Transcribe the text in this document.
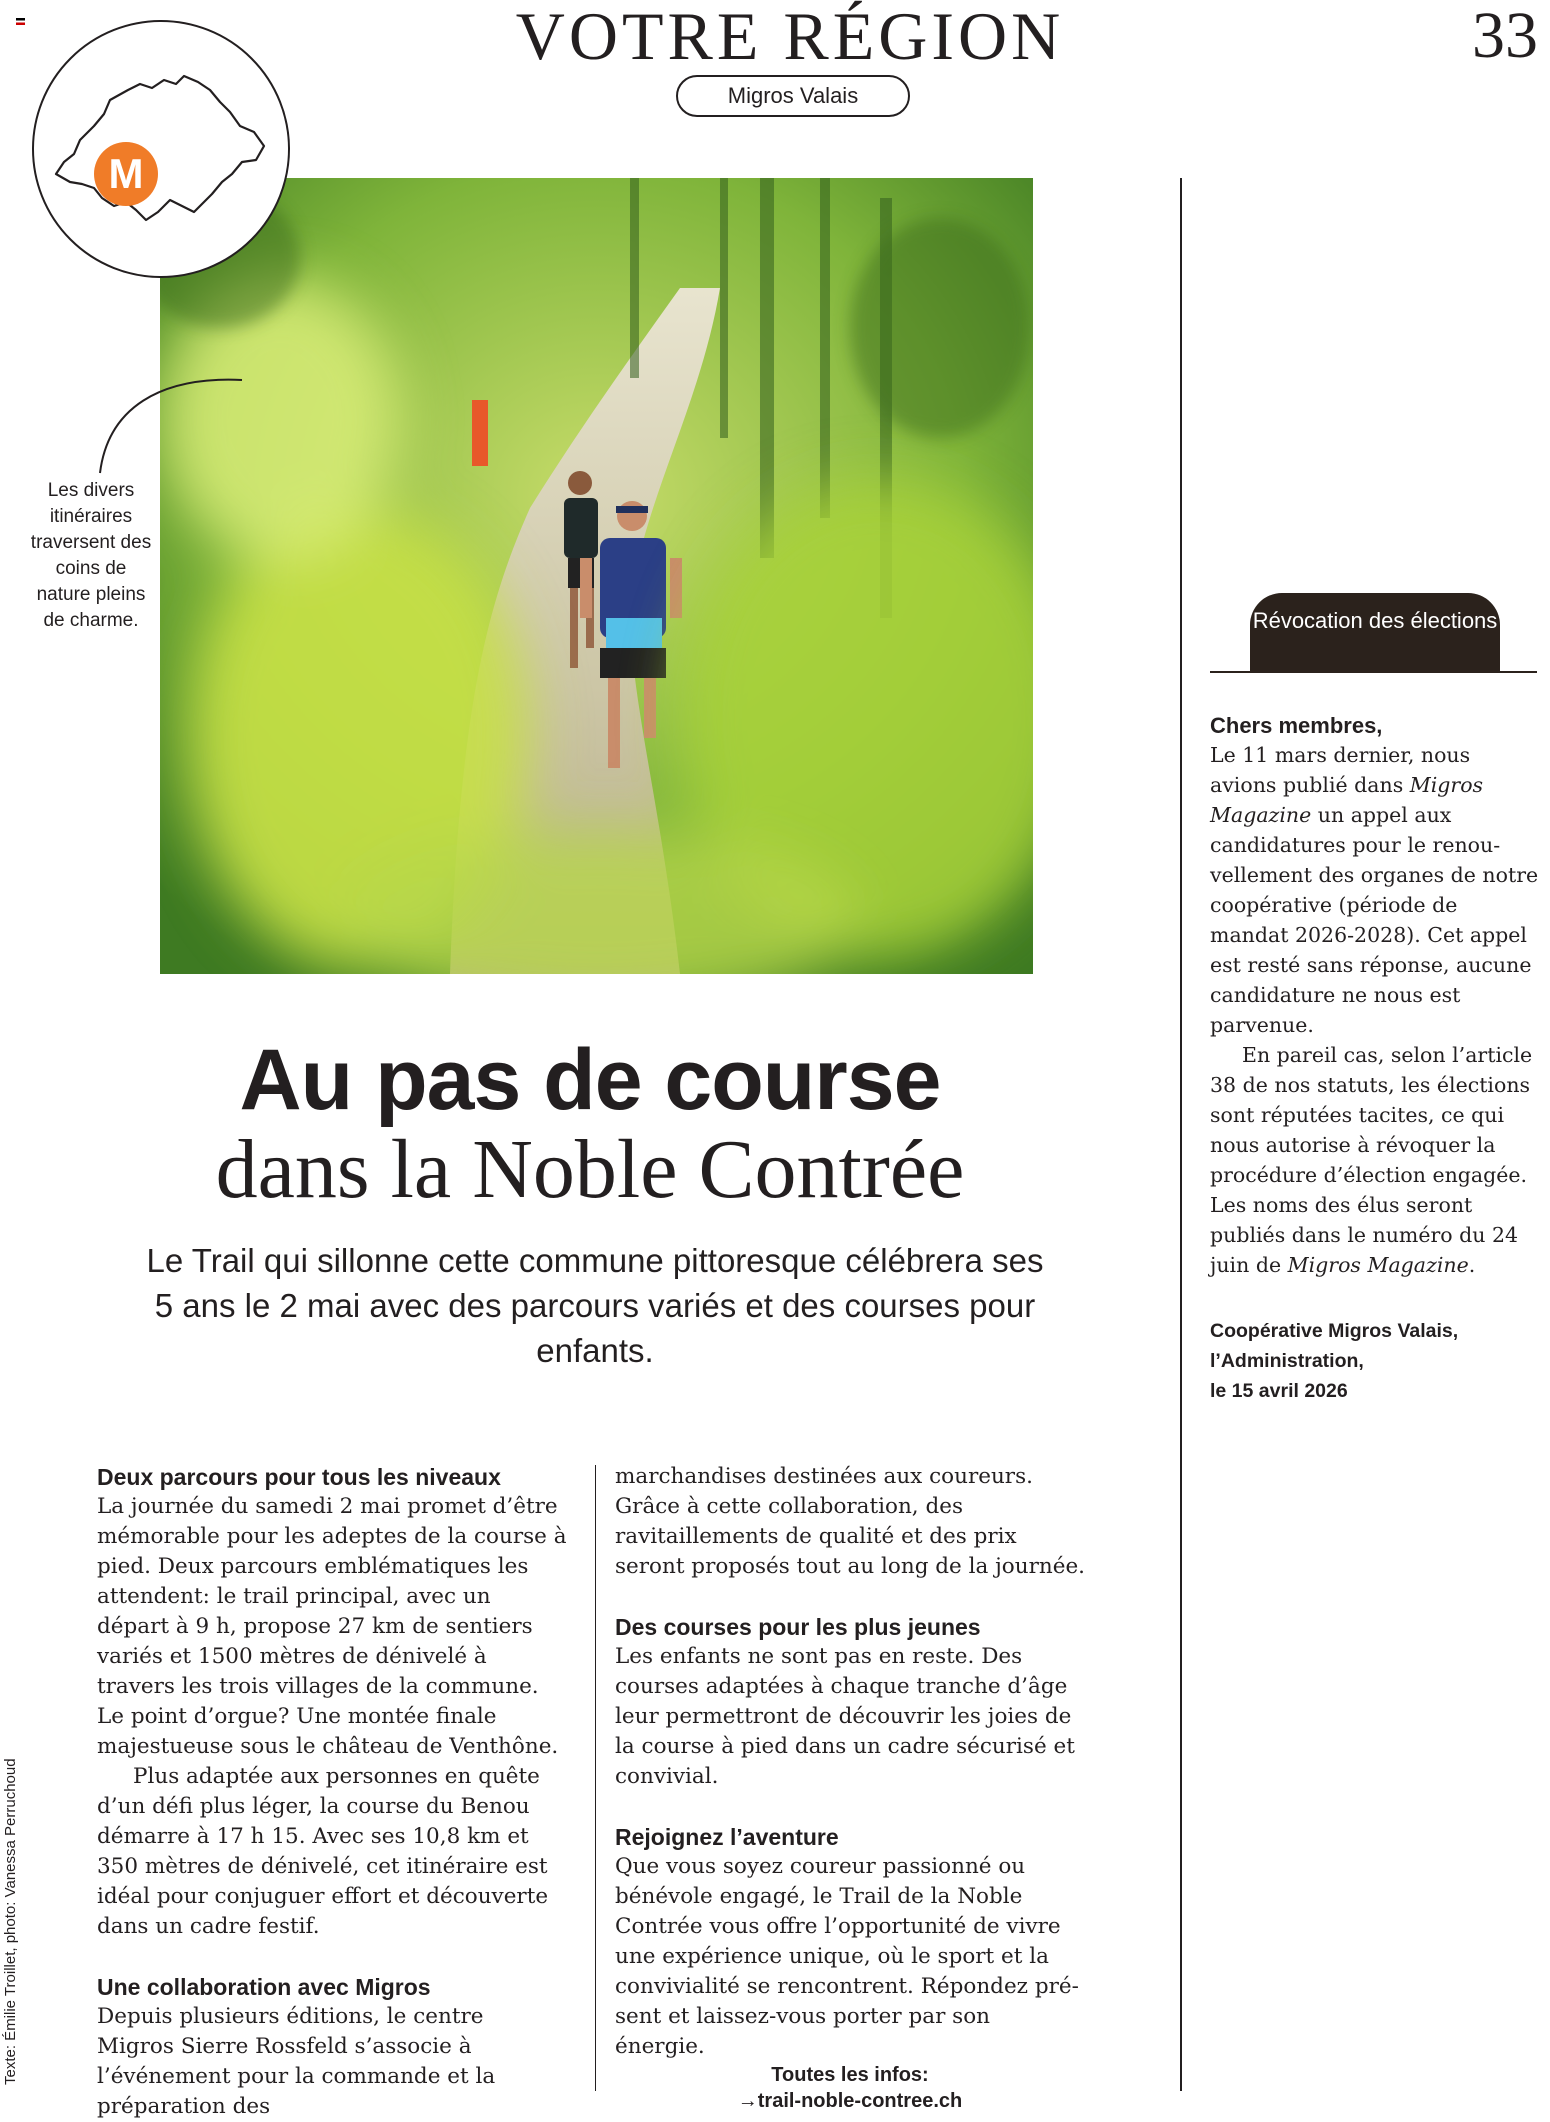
VOTRE RÉGION
Migros Valais
33
M
Les divers itinéraires traversent des coins de nature pleins de charme.
Au pas de course
dans la Noble Contrée
Le Trail qui sillonne cette commune pittoresque célébrera ses 5 ans le 2 mai avec des parcours variés et des courses pour enfants.
Deux parcours pour tous les niveaux

La journée du samedi 2 mai promet d’être mémorable pour les adeptes de la course à pied. Deux parcours emblématiques les attendent: le trail principal, avec un départ à 9 h, propose 27 km de sentiers variés et 1500 mètres de dénivelé à travers les trois villages de la commune. Le point d’orgue? Une montée finale majestueuse sous le château de Venthône.

Plus adaptée aux personnes en quête d’un défi plus léger, la course du Benou démarre à 17 h 15. Avec ses 10,8 km et 350 mètres de dénivelé, cet itinéraire est idéal pour conjuguer effort et découverte dans un cadre festif.

Une collaboration avec Migros

Depuis plusieurs éditions, le centre Migros Sierre Rossfeld s’associe à l’événement pour la commande et la préparation des

marchandises destinées aux coureurs. Grâce à cette collaboration, des ravitaillements de qualité et des prix seront proposés tout au long de la journée.

Des courses pour les plus jeunes

Les enfants ne sont pas en reste. Des courses adaptées à chaque tranche d’âge leur permettront de découvrir les joies de la course à pied dans un cadre sécurisé et convivial.

Rejoignez l’aventure

Que vous soyez coureur passionné ou bénévole engagé, le Trail de la Noble Contrée vous offre l’opportunité de vivre une expérience unique, où le sport et la convivialité se rencontrent. Répondez présent et laissez-vous porter par son énergie.

Toutes les infos:
→trail-noble-contree.ch
Révocation des élections
Chers membres,

Le 11 mars dernier, nous avions publié dans Migros Magazine un appel aux candidatures pour le renouvellement des organes de notre coopérative (période de mandat 2026-2028). Cet appel est resté sans réponse, aucune candidature ne nous est parvenue.

En pareil cas, selon l’article 38 de nos statuts, les élections sont réputées tacites, ce qui nous autorise à révoquer la procédure d’élection engagée. Les noms des élus seront publiés dans le numéro du 24 juin de Migros Magazine.

Coopérative Migros Valais,
l’Administration,
le 15 avril 2026
Texte: Émilie Troillet, photo: Vanessa Perruchoud
